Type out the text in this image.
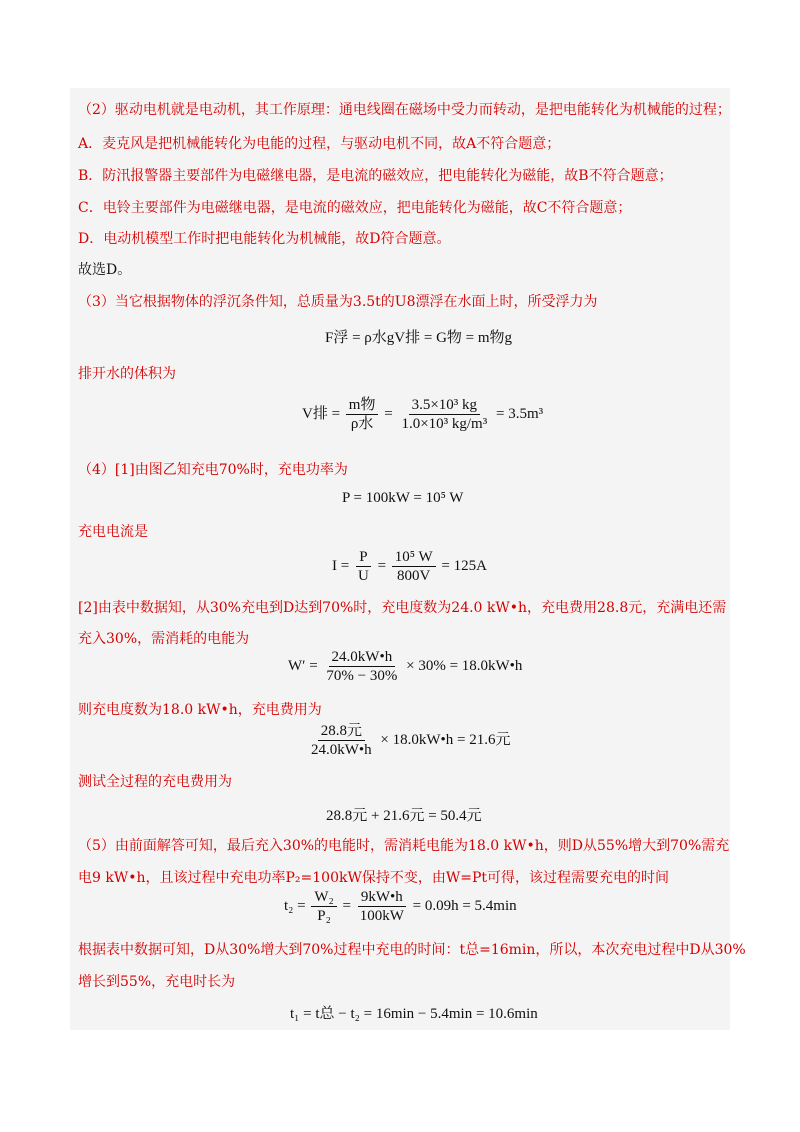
（2）驱动电机就是电动机，其工作原理：通电线圈在磁场中受力而转动，是把电能转化为机械能的过程；
A．麦克风是把机械能转化为电能的过程，与驱动电机不同，故A不符合题意；
B．防汛报警器主要部件为电磁继电器，是电流的磁效应，把电能转化为磁能，故B不符合题意；
C．电铃主要部件为电磁继电器，是电流的磁效应，把电能转化为磁能，故C不符合题意；
D．电动机模型工作时把电能转化为机械能，故D符合题意。
故选D。
（3）当它根据物体的浮沉条件知，总质量为3.5t的U8漂浮在水面上时，所受浮力为
F浮 = ρ水gV排 = G物 = m物g
排开水的体积为
V排 = $\frac{\text{m物}}{\text{ρ水}} = \frac{\text{3.5×10³ kg}}{\text{1.0×10³ kg/m³}} = 3.5m^3$
（4）[1]由图乙知充电70%时，充电功率为
P = 100kW = 10⁵ W
充电电流是
$I = \frac{P}{U} = \frac{\text{10⁵ W}}{800V} = 125A$
[2]由表中数据知，从30%充电到D达到70%时，充电度数为24.0 kW•h，充电费用28.8元，充满电还需
充入30%，需消耗的电能为
$W' = \frac{24.0kW•h}{70\% - 30\%} \times 30\%$ = 18.0kW•h
则充电度数为18.0 kW•h，充电费用为
$\frac{\text{28.8元}}{24.0kW•h}$ × 18.0kW•h = 21.6元
测试全过程的充电费用为
28.8元 + 21.6元 = 50.4元
（5）由前面解答可知，最后充入30%的电能时，需消耗电能为18.0 kW•h，则D从55%增大到70%需充
电9 kW•h，且该过程中充电功率P₂=100kW保持不变，由W=Pt可得，该过程需要充电的时间
$t_2 = \frac{\text{W₂}}{\text{P₂}} = \frac{9kW•h}{100kW} = 0.09h = 5.4\min$
根据表中数据可知，D从30%增大到70%过程中充电的时间：t总=16min，所以，本次充电过程中D从30%
增长到55%，充电时长为
t₁ = t总 − t₂ = 16min − 5.4min = 10.6min
